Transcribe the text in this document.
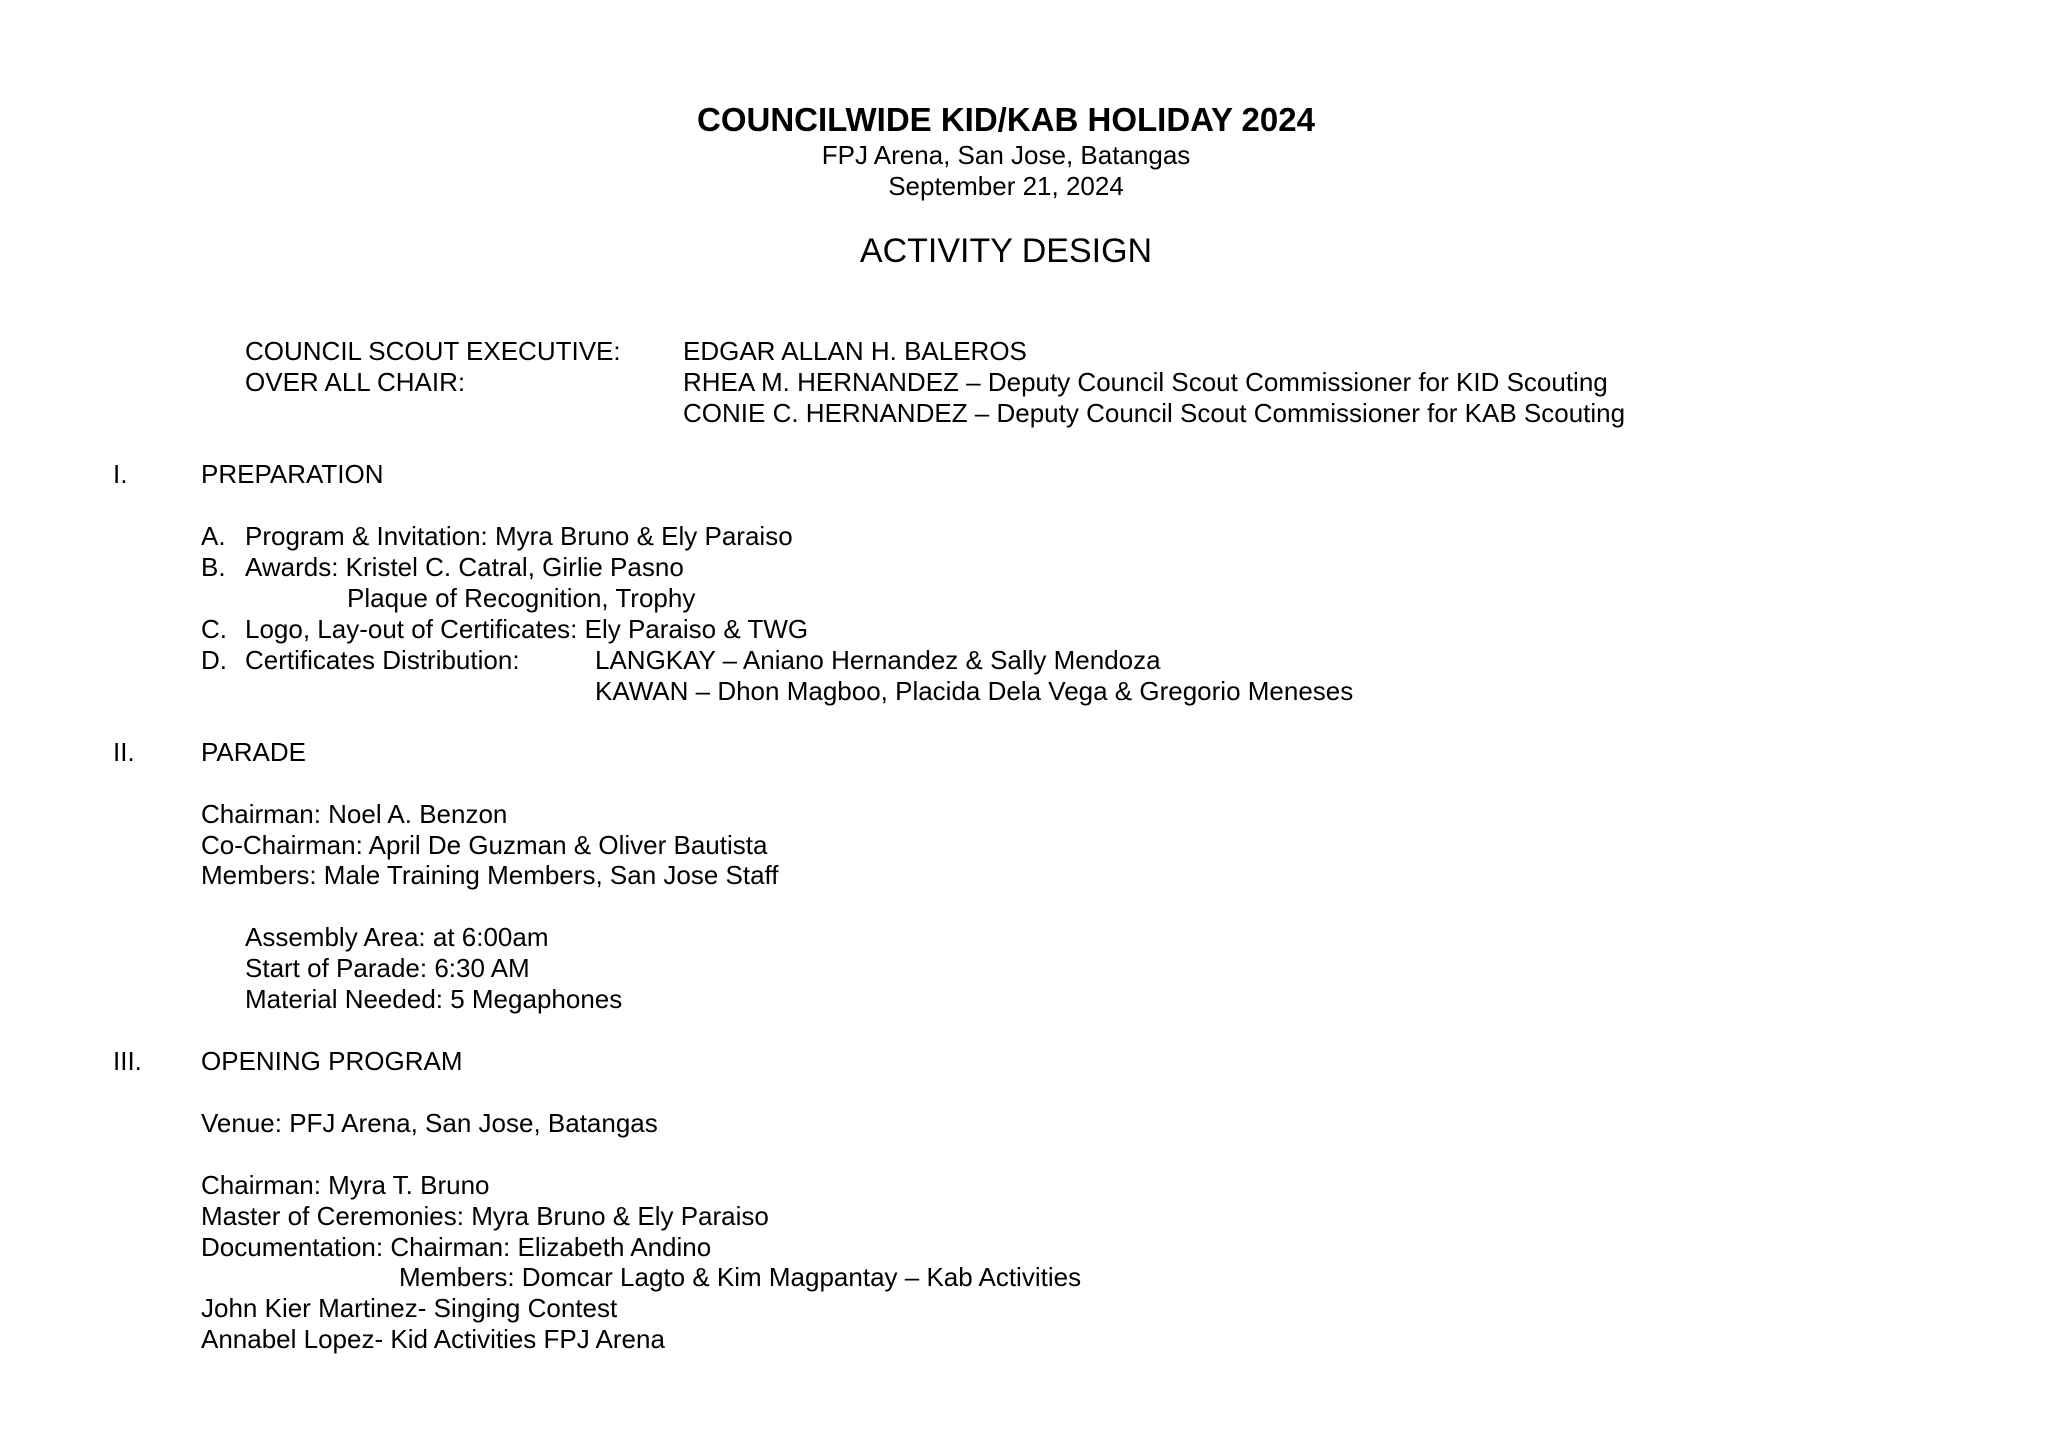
COUNCILWIDE KID/KAB HOLIDAY 2024
FPJ Arena, San Jose, Batangas
September 21, 2024
ACTIVITY DESIGN
COUNCIL SCOUT EXECUTIVE: EDGAR ALLAN H. BALEROS
OVER ALL CHAIR:	RHEA M. HERNANDEZ – Deputy Council Scout Commissioner for KID Scouting
CONIE C. HERNANDEZ – Deputy Council Scout Commissioner for KAB Scouting
I.	PREPARATION
A. Program & Invitation: Myra Bruno & Ely Paraiso
B. Awards: Kristel C. Catral, Girlie Pasno
Plaque of Recognition, Trophy
C. Logo, Lay-out of Certificates: Ely Paraiso & TWG
D. Certificates Distribution:	LANGKAY – Aniano Hernandez & Sally Mendoza
KAWAN – Dhon Magboo, Placida Dela Vega & Gregorio Meneses
II.	PARADE
Chairman: Noel A. Benzon
Co-Chairman: April De Guzman & Oliver Bautista
Members: Male Training Members, San Jose Staff
Assembly Area: at 6:00am
Start of Parade: 6:30 AM
Material Needed: 5 Megaphones
III. OPENING PROGRAM
Venue: PFJ Arena, San Jose, Batangas
Chairman: Myra T. Bruno
Master of Ceremonies: Myra Bruno & Ely Paraiso
Documentation: Chairman: Elizabeth Andino
Members: Domcar Lagto & Kim Magpantay – Kab Activities
John Kier Martinez- Singing Contest
Annabel Lopez- Kid Activities FPJ Arena
